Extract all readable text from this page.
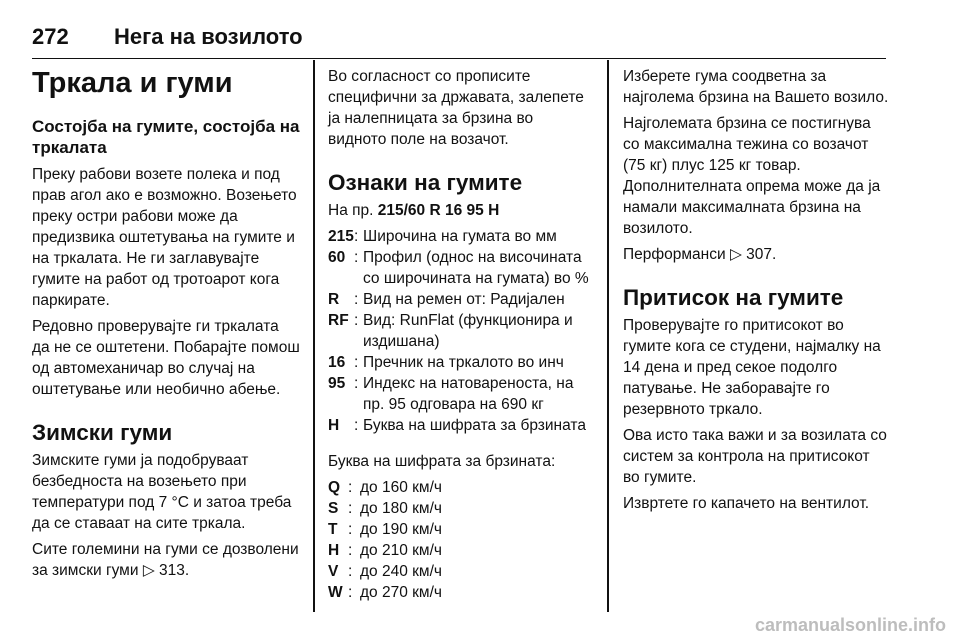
272 Нега на возилото
Тркала и гуми
Состојба на гумите, состојба на тркалата

Преку рабови возете полека и под прав агол ако е возможно. Возењето преку остри рабови може да предизвика оштетувања на гумите и на тркалата. Не ги заглавувајте гумите на работ од тротоарот кога паркирате.

Редовно проверувајте ги тркалата да не се оштетени. Побарајте помош од автомеханичар во случај на оштетување или необично абење.

Зимски гуми

Зимските гуми ја подобруваат безбедноста на возењето при температури под 7 °C и затоа треба да се ставаат на сите тркала.

Сите големини на гуми се дозволени за зимски гуми ▷ 313.

Во согласност со прописите специфични за државата, залепете ја налепницата за брзина во видното поле на возачот.

Ознаки на гумите

На пр. 215/60 R 16 95 H

215 : Широчина на гумата во мм
60 : Профил (однос на височината со широчината на гумата) во %
R : Вид на ремен от: Радијален
RF : Вид: RunFlat (функционира и издишана)
16 : Пречник на тркалото во инч
95 : Индекс на натовареноста, на пр. 95 одговара на 690 кг
H : Буква на шифрата за брзината

Буква на шифрата за брзината:

Q : до 160 км/ч
S : до 180 км/ч
T : до 190 км/ч
H : до 210 км/ч
V : до 240 км/ч
W : до 270 км/ч

Изберете гума соодветна за најголема брзина на Вашето возило.

Најголемата брзина се постигнува со максимална тежина со возачот (75 кг) плус 125 кг товар. Дополнителната опрема може да ја намали максималната брзина на возилото.

Перформанси ▷ 307.

Притисок на гумите

Проверувајте го притисокот во гумите кога се студени, најмалку на 14 дена и пред секое подолго патување. Не заборавајте го резервното тркало.

Ова исто така важи и за возилата со систем за контрола на притисокот во гумите.

Извртете го капачето на вентилот.

carmanualsonline.info
